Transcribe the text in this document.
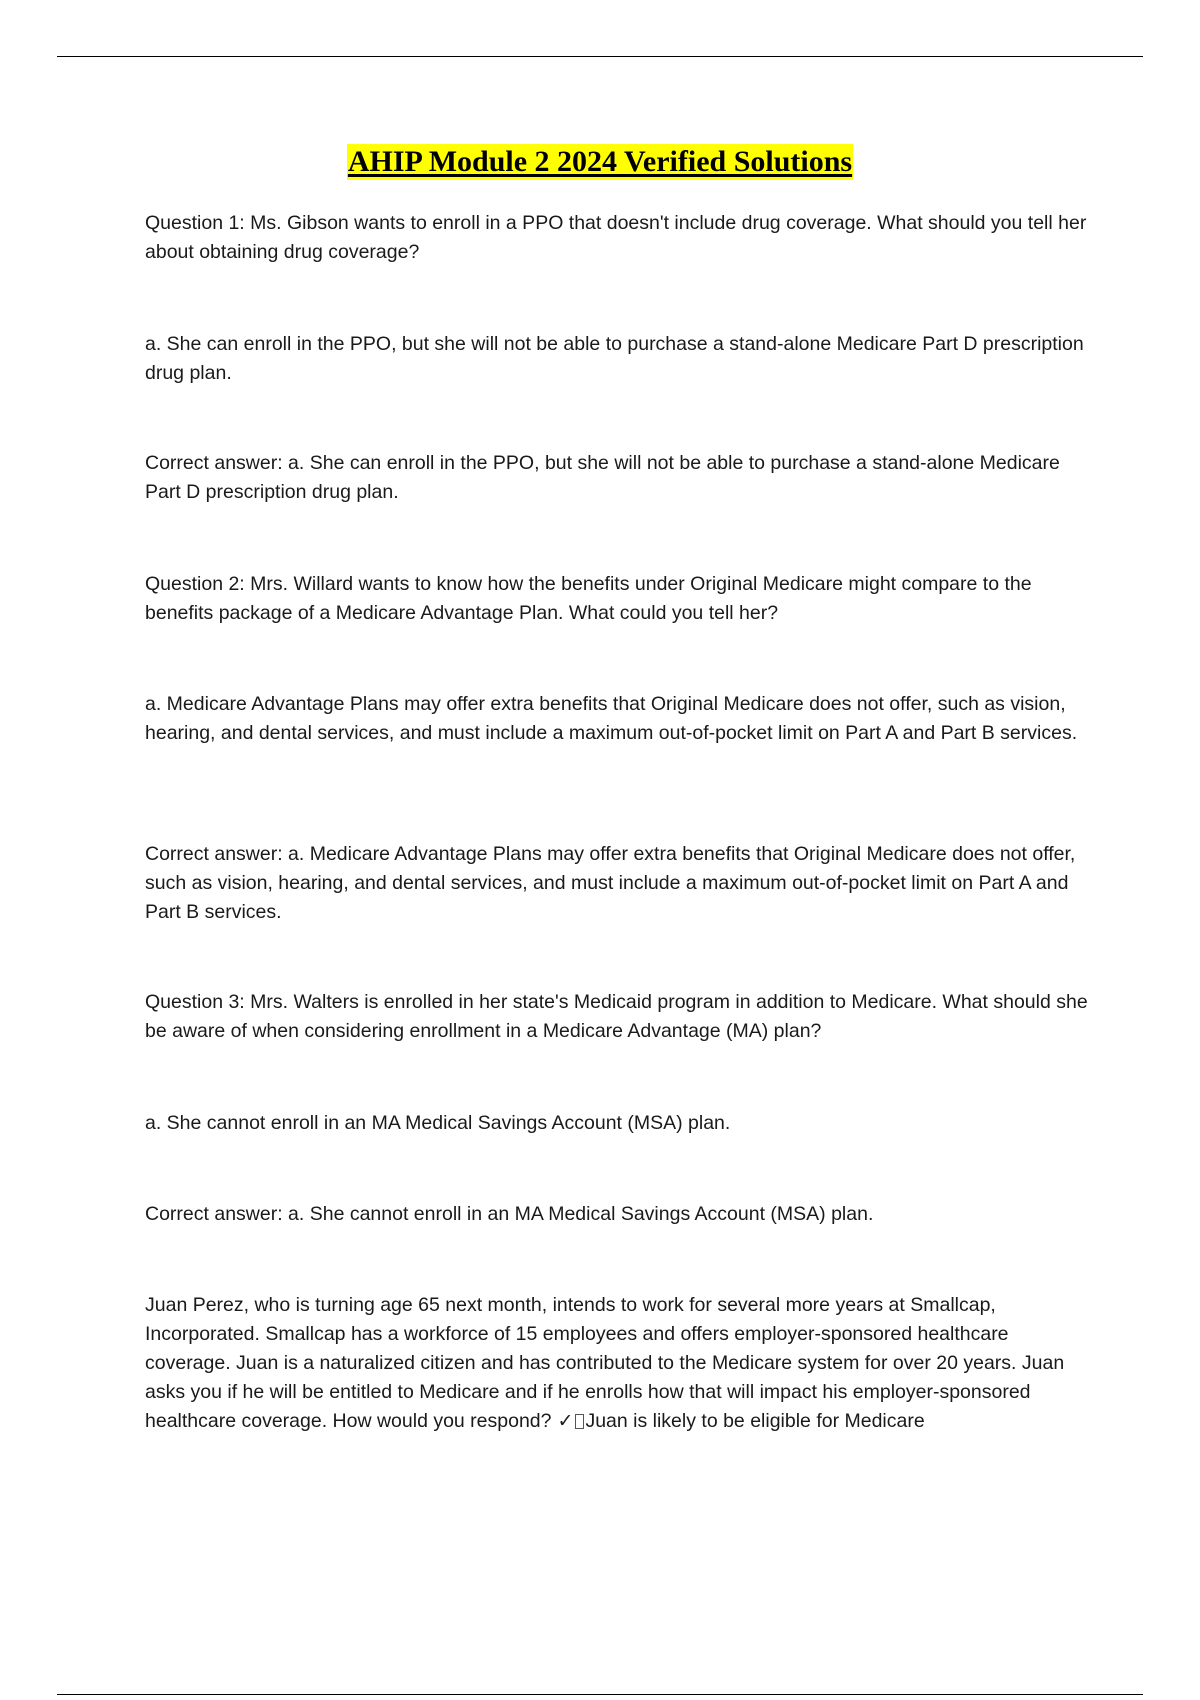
AHIP Module 2 2024 Verified Solutions

Question 1: Ms. Gibson wants to enroll in a PPO that doesn't include drug coverage. What should you tell her about obtaining drug coverage?

a. She can enroll in the PPO, but she will not be able to purchase a stand-alone Medicare Part D prescription drug plan.

Correct answer: a. She can enroll in the PPO, but she will not be able to purchase a stand-alone Medicare Part D prescription drug plan.

Question 2: Mrs. Willard wants to know how the benefits under Original Medicare might compare to the benefits package of a Medicare Advantage Plan. What could you tell her?

a. Medicare Advantage Plans may offer extra benefits that Original Medicare does not offer, such as vision, hearing, and dental services, and must include a maximum out-of-pocket limit on Part A and Part B services.

Correct answer: a. Medicare Advantage Plans may offer extra benefits that Original Medicare does not offer, such as vision, hearing, and dental services, and must include a maximum out-of-pocket limit on Part A and Part B services.

Question 3: Mrs. Walters is enrolled in her state's Medicaid program in addition to Medicare. What should she be aware of when considering enrollment in a Medicare Advantage (MA) plan?

a. She cannot enroll in an MA Medical Savings Account (MSA) plan.

Correct answer: a. She cannot enroll in an MA Medical Savings Account (MSA) plan.

Juan Perez, who is turning age 65 next month, intends to work for several more years at Smallcap, Incorporated. Smallcap has a workforce of 15 employees and offers employer-sponsored healthcare coverage. Juan is a naturalized citizen and has contributed to the Medicare system for over 20 years. Juan asks you if he will be entitled to Medicare and if he enrolls how that will impact his employer-sponsored healthcare coverage. How would you respond? ✓ Juan is likely to be eligible for Medicare
